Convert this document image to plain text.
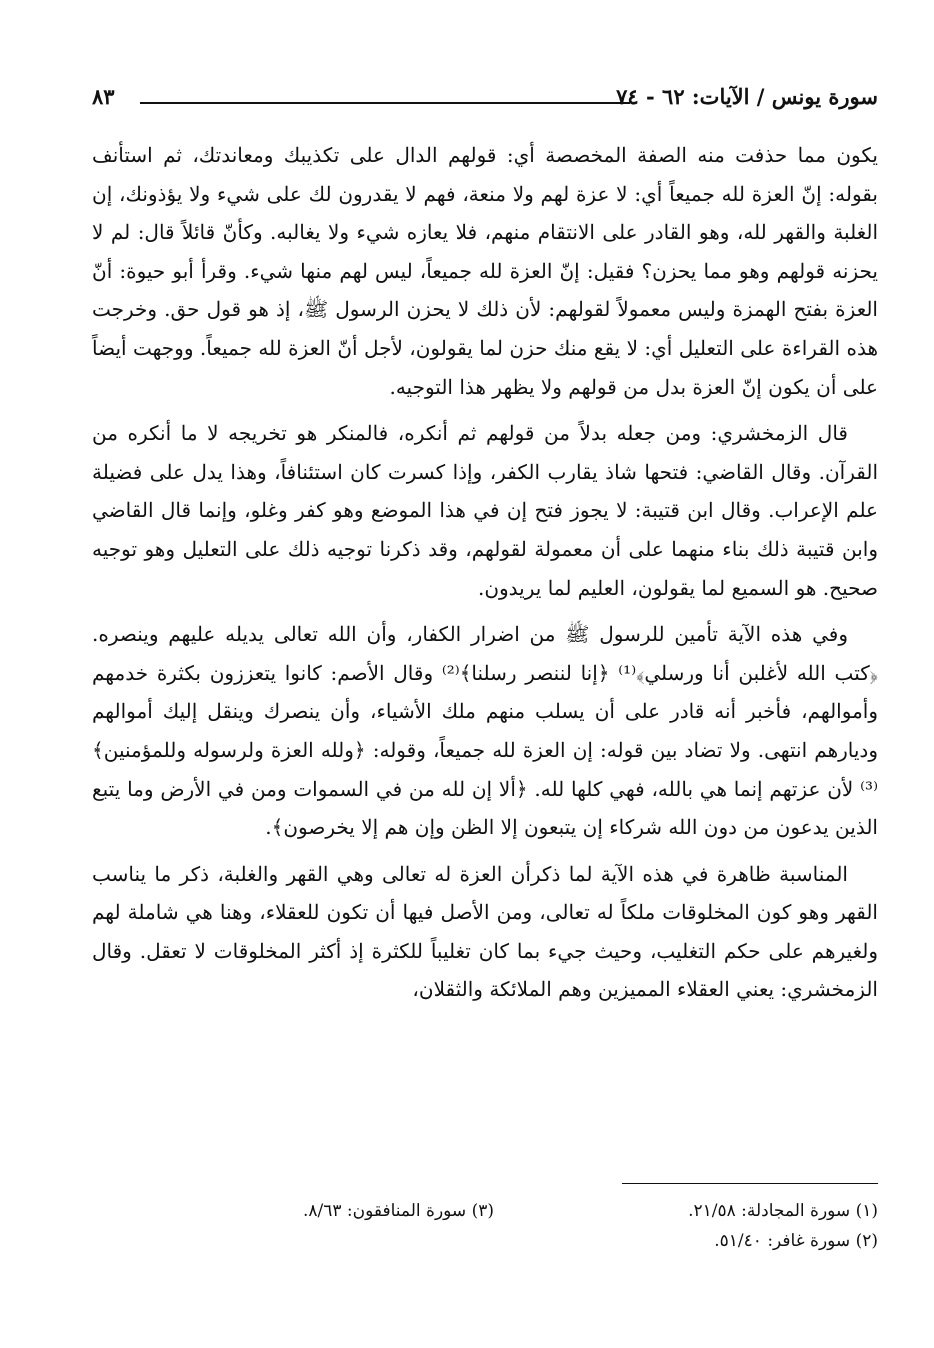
سورة يونس / الآيات: ٦٢ - ٧٤
٨٣

يكون مما حذفت منه الصفة المخصصة أي: قولهم الدال على تكذيبك ومعاندتك، ثم استأنف بقوله: إنّ العزة لله جميعاً أي: لا عزة لهم ولا منعة، فهم لا يقدرون لك على شيء ولا يؤذونك، إن الغلبة والقهر لله، وهو القادر على الانتقام منهم، فلا يعازه شيء ولا يغالبه. وكأنّ قائلاً قال: لم لا يحزنه قولهم وهو مما يحزن؟ فقيل: إنّ العزة لله جميعاً، ليس لهم منها شيء. وقرأ أبو حيوة: أنّ العزة بفتح الهمزة وليس معمولاً لقولهم: لأن ذلك لا يحزن الرسول ﷺ، إذ هو قول حق. وخرجت هذه القراءة على التعليل أي: لا يقع منك حزن لما يقولون، لأجل أنّ العزة لله جميعاً. ووجهت أيضاً على أن يكون إنّ العزة بدل من قولهم ولا يظهر هذا التوجيه.

قال الزمخشري: ومن جعله بدلاً من قولهم ثم أنكره، فالمنكر هو تخريجه لا ما أنكره من القرآن. وقال القاضي: فتحها شاذ يقارب الكفر، وإذا كسرت كان استئنافاً، وهذا يدل على فضيلة علم الإعراب. وقال ابن قتيبة: لا يجوز فتح إن في هذا الموضع وهو كفر وغلو، وإنما قال القاضي وابن قتيبة ذلك بناء منهما على أن معمولة لقولهم، وقد ذكرنا توجيه ذلك على التعليل وهو توجيه صحيح. هو السميع لما يقولون، العليم لما يريدون.

وفي هذه الآية تأمين للرسول ﷺ من اضرار الكفار، وأن الله تعالى يديله عليهم وينصره. ﴿كتب الله لأغلبن أنا ورسلي﴾⁽¹⁾ ﴿إنا لننصر رسلنا﴾⁽²⁾ وقال الأصم: كانوا يتعززون بكثرة خدمهم وأموالهم، فأخبر أنه قادر على أن يسلب منهم ملك الأشياء، وأن ينصرك وينقل إليك أموالهم وديارهم انتهى. ولا تضاد بين قوله: إن العزة لله جميعاً، وقوله: ﴿ولله العزة ولرسوله وللمؤمنين﴾⁽³⁾ لأن عزتهم إنما هي بالله، فهي كلها لله. ﴿ألا إن لله من في السموات ومن في الأرض وما يتبع الذين يدعون من دون الله شركاء إن يتبعون إلا الظن وإن هم إلا يخرصون﴾.

المناسبة ظاهرة في هذه الآية لما ذكرأن العزة له تعالى وهي القهر والغلبة، ذكر ما يناسب القهر وهو كون المخلوقات ملكاً له تعالى، ومن الأصل فيها أن تكون للعقلاء، وهنا هي شاملة لهم ولغيرهم على حكم التغليب، وحيث جيء بما كان تغليباً للكثرة إذ أكثر المخلوقات لا تعقل. وقال الزمخشري: يعني العقلاء المميزين وهم الملائكة والثقلان،

(١) سورة المجادلة: ٢١/٥٨.
(٢) سورة غافر: ٥١/٤٠.
(٣) سورة المنافقون: ٨/٦٣.
